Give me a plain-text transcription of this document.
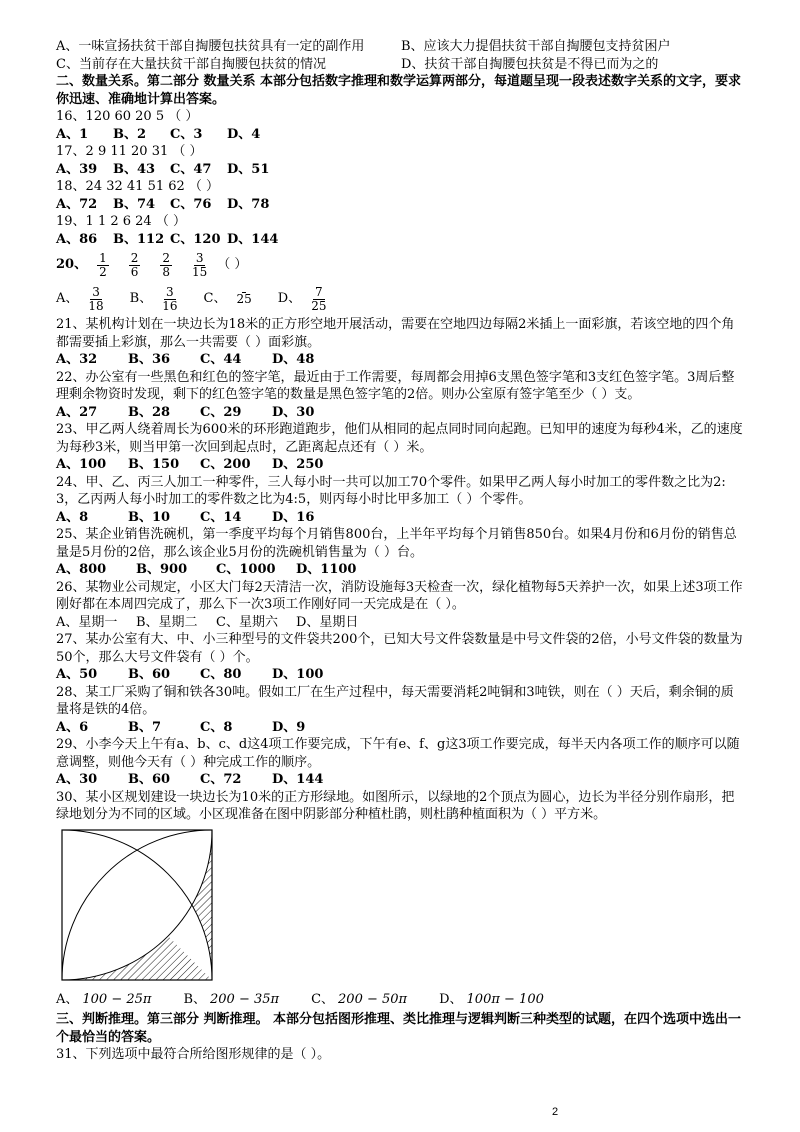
A、一味宣扬扶贫干部自掏腰包扶贫具有一定的副作用	B、应该大力提倡扶贫干部自掏腰包支持贫困户
C、当前存在大量扶贫干部自掏腰包扶贫的情况	D、扶贫干部自掏腰包扶贫是不得已而为之的
二、数量关系。第二部分 数量关系 本部分包括数字推理和数学运算两部分，每道题呈现一段表述数字关系的文字，要求你迅速、准确地计算出答案。
16、120 60 20 5 （ ）
A、1	B、2	C、3	D、4
17、2 9 11 20 31 （ ）
A、39	B、43	C、47	D、51
18、24 32 41 51 62 （ ）
A、72	B、74	C、76	D、78
19、1 1 2 6 24 （ ）
A、86	B、112 C、120 D、144
20、 $\frac{1}{2} \frac{2}{6} \frac{2}{8} \frac{3}{15}$ （ ）
A、 $\frac{3}{18}$ B、 $\frac{3}{16}$ C、 25 D、 $\frac{7}{25}$
21、某机构计划在一块边长为18米的正方形空地开展活动，需要在空地四边每隔2米插上一面彩旗，若该空地的四个角都需要插上彩旗，那么一共需要（ ）面彩旗。
A、32	B、36	C、44	D、48
22、办公室有一些黑色和红色的签字笔，最近由于工作需要，每周都会用掉6支黑色签字笔和3支红色签字笔。3周后整理剩余物资时发现，剩下的红色签字笔的数量是黑色签字笔的2倍。则办公室原有签字笔至少（ ）支。
A、27	B、28	C、29	D、30
23、甲乙两人绕着周长为600米的环形跑道跑步，他们从相同的起点同时同向起跑。已知甲的速度为每秒4米，乙的速度为每秒3米，则当甲第一次回到起点时，乙距离起点还有（ ）米。
A、100	B、150	C、200	D、250
24、甲、乙、丙三人加工一种零件，三人每小时一共可以加工70个零件。如果甲乙两人每小时加工的零件数之比为2:3，乙丙两人每小时加工的零件数之比为4:5，则丙每小时比甲多加工（ ）个零件。
A、8	B、10	C、14	D、16
25、某企业销售洗碗机，第一季度平均每个月销售800台，上半年平均每个月销售850台。如果4月份和6月份的销售总量是5月份的2倍，那么该企业5月份的洗碗机销售量为（ ）台。
A、800	B、900	C、1000	D、1100
26、某物业公司规定，小区大门每2天清洁一次，消防设施每3天检查一次，绿化植物每5天养护一次，如果上述3项工作刚好都在本周四完成了，那么下一次3项工作刚好同一天完成是在（ ）。
A、星期一	B、星期二	C、星期六	D、星期日
27、某办公室有大、中、小三种型号的文件袋共200个，已知大号文件袋数量是中号文件袋的2倍，小号文件袋的数量为50个，那么大号文件袋有（ ）个。
A、50	B、60	C、80	D、100
28、某工厂采购了铜和铁各30吨。假如工厂在生产过程中，每天需要消耗2吨铜和3吨铁，则在（ ）天后，剩余铜的质量将是铁的4倍。
A、6	B、7	C、8	D、9
29、小李今天上午有a、b、c、d这4项工作要完成，下午有e、f、g这3项工作要完成，每半天内各项工作的顺序可以随意调整，则他今天有（ ）种完成工作的顺序。
A、30	B、60	C、72	D、144
30、某小区规划建设一块边长为10米的正方形绿地。如图所示，以绿地的2个顶点为圆心，边长为半径分别作扇形，把绿地划分为不同的区域。小区现准备在图中阴影部分种植杜鹃，则杜鹃种植面积为（ ）平方米。
A、 100 − 25π B、 200 − 35π C、 200 − 50π D、 100π − 100
三、判断推理。第三部分 判断推理。 本部分包括图形推理、类比推理与逻辑判断三种类型的试题，在四个选项中选出一个最恰当的答案。
31、下列选项中最符合所给图形规律的是（ ）。
2
